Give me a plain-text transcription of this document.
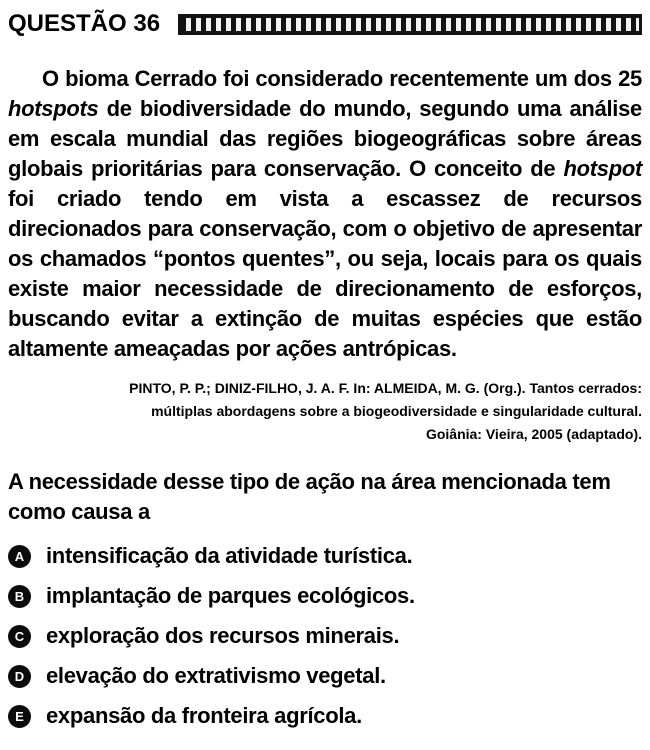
QUESTÃO 36

O bioma Cerrado foi considerado recentemente um dos 25 hotspots de biodiversidade do mundo, segundo uma análise em escala mundial das regiões biogeográficas sobre áreas globais prioritárias para conservação. O conceito de hotspot foi criado tendo em vista a escassez de recursos direcionados para conservação, com o objetivo de apresentar os chamados “pontos quentes”, ou seja, locais para os quais existe maior necessidade de direcionamento de esforços, buscando evitar a extinção de muitas espécies que estão altamente ameaçadas por ações antrópicas.

PINTO, P. P.; DINIZ-FILHO, J. A. F. In: ALMEIDA, M. G. (Org.). Tantos cerrados:
múltiplas abordagens sobre a biogeodiversidade e singularidade cultural.
Goiânia: Vieira, 2005 (adaptado).

A necessidade desse tipo de ação na área mencionada tem como causa a

A intensificação da atividade turística.
B implantação de parques ecológicos.
C exploração dos recursos minerais.
D elevação do extrativismo vegetal.
E	expansão da fronteira agrícola.
